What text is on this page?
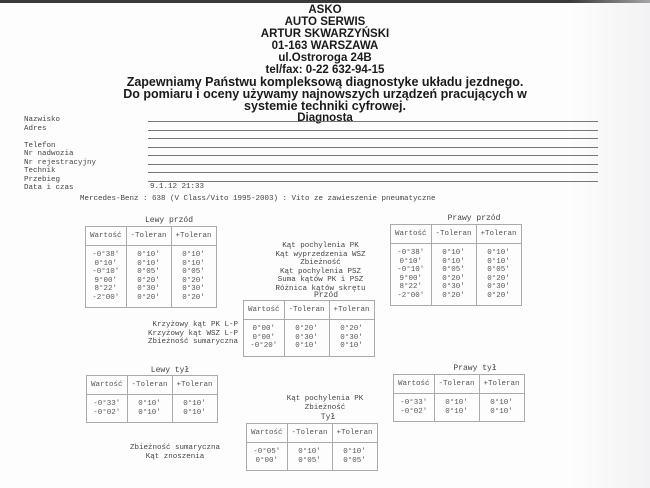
ASKO
AUTO SERWIS
ARTUR SKWARZYŃSKI
01-163 WARSZAWA
ul.Ostroroga 24B
tel/fax: 0-22 632-94-15
Zapewniamy Państwu kompleksową diagnostyke układu jezdnego.
Do pomiaru i oceny używamy najnowszych urządzeń pracujących w
systemie techniki cyfrowej.
Diagnosta
Nazwisko
Adres
Telefon
Nr nadwozia
Nr rejestracyjny
Technik
Przebieg
Data i czas	9.1.12 21:33
Mercedes-Benz : 638 (V Class/Vito 1995-2003) : Vito ze zawieszenie pneumatyczne
Lewy przód
Wartość	-Toleran	+Toleran
-0°38'	0°10'	0°10'
0°10'	0°10'	0°10'
-0°10'	0°05'	0°05'
9°00'	0°20'	0°20'
8°22'	0°30'	0°30'
-2°00'	0°20'	0°20'
Kąt pochylenia PK
Kąt wyprzedzenia WSZ
Zbieżność
Kąt pochylenia PSZ
Suma kątów PK i PSZ
Różnica kątów skrętu
Prawy przód
Wartość	-Toleran	+Toleran
-0°38'	0°10'	0°10'
0°10'	0°10'	0°10'
-0°10'	0°05'	0°05'
9°00'	0°20'	0°20'
8°22'	0°30'	0°30'
-2°00'	0°20'	0°20'
Przód
Wartość	-Toleran	+Toleran
0°00'	0°20'	0°20'
0°00'	0°30'	0°30'
-0°20'	0°10'	0°10'
Krzyżowy kąt PK L-P
Krzyżowy kąt WSZ L-P
Zbieżność sumaryczna
Lewy tył
Wartość	-Toleran	+Toleran
-0°33'	0°10'	0°10'
-0°02'	0°10'	0°10'
Kąt pochylenia PK
Zbieżność
Prawy tył
Wartość	-Toleran	+Toleran
-0°33'	0°10'	0°10'
-0°02'	0°10'	0°10'
Tył
Wartość	-Toleran	+Toleran
-0°05'	0°10'	0°10'
0°00'	0°05'	0°05'
Zbieżność sumaryczna
Kąt znoszenia
